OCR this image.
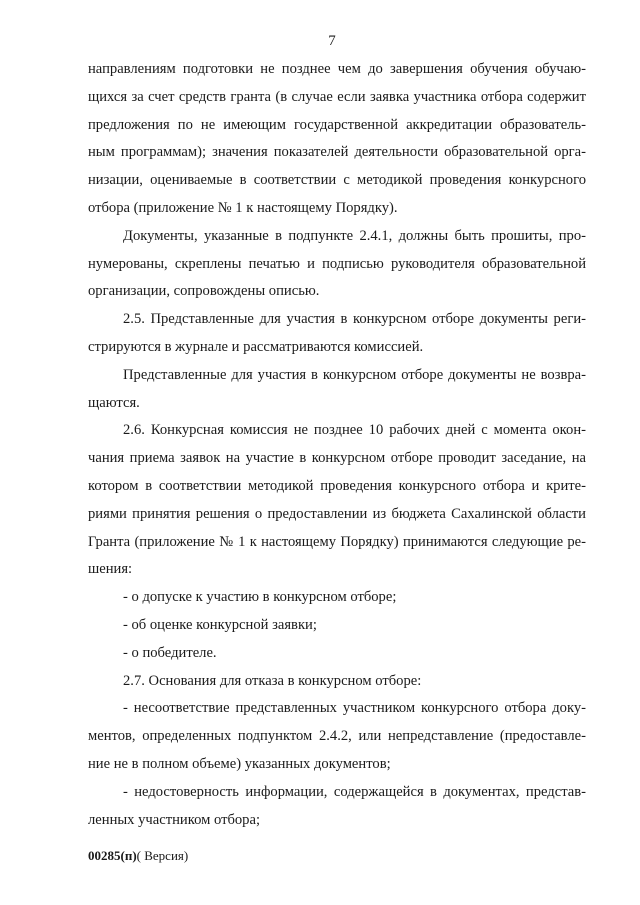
7

направлениям подготовки не позднее чем до завершения обучения обучаю-
щихся за счет средств гранта (в случае если заявка участника отбора содержит
предложения по не имеющим государственной аккредитации образователь-
ным программам); значения показателей деятельности образовательной орга-
низации, оцениваемые в соответствии с методикой проведения конкурсного
отбора (приложение № 1 к настоящему Порядку).

Документы, указанные в подпункте 2.4.1, должны быть прошиты, про-
нумерованы, скреплены печатью и подписью руководителя образовательной
организации, сопровождены описью.

2.5. Представленные для участия в конкурсном отборе документы реги-
стрируются в журнале и рассматриваются комиссией.

Представленные для участия в конкурсном отборе документы не возвра-
щаются.

2.6. Конкурсная комиссия не позднее 10 рабочих дней с момента окон-
чания приема заявок на участие в конкурсном отборе проводит заседание, на
котором в соответствии методикой проведения конкурсного отбора и крите-
риями принятия решения о предоставлении из бюджета Сахалинской области
Гранта (приложение № 1 к настоящему Порядку) принимаются следующие ре-
шения:

- о допуске к участию в конкурсном отборе;

- об оценке конкурсной заявки;

- о победителе.

2.7. Основания для отказа в конкурсном отборе:

- несоответствие представленных участником конкурсного отбора доку-
ментов, определенных подпунктом 2.4.2, или непредставление (предоставле-
ние не в полном объеме) указанных документов;

- недостоверность информации, содержащейся в документах, представ-
ленных участником отбора;

00285(п)( Версия)
